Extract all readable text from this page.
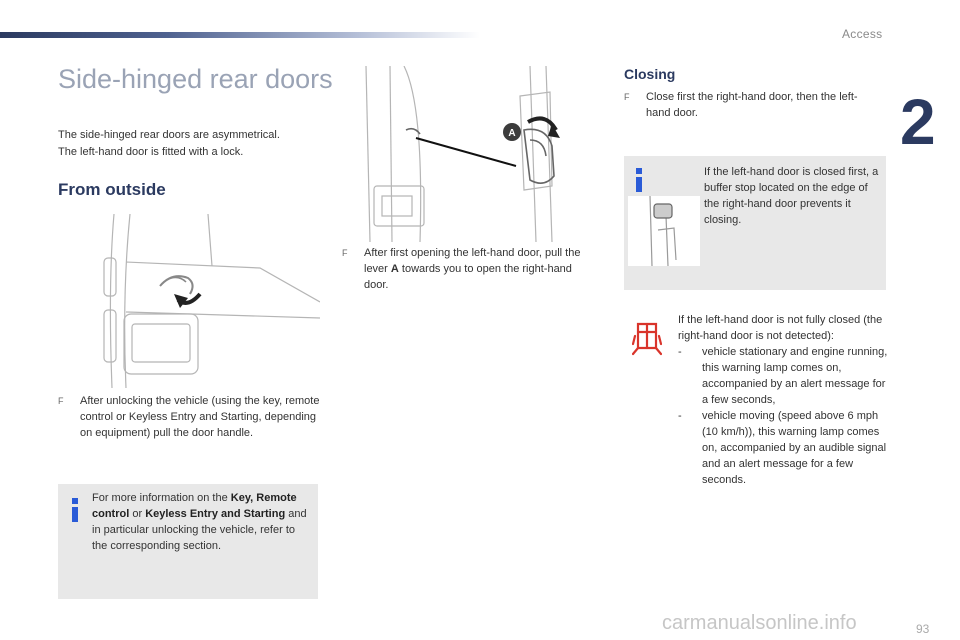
Access
2
93
carmanualsonline.info
Side-hinged rear doors

The side-hinged rear doors are asymmetrical.

The left-hand door is fitted with a lock.

From outside
F	After unlocking the vehicle (using the key, remote control or Keyless Entry and Starting, depending on equipment) pull the door handle.
For more information on the Key, Remote control or Keyless Entry and Starting and in particular unlocking the vehicle, refer to the corresponding section.
A
F	After first opening the left-hand door, pull the lever A towards you to open the right-hand door.
Closing
F	Close first the right-hand door, then the left-hand door.
If the left-hand door is closed first, a buffer stop located on the edge of the right-hand door prevents it closing.

If the left-hand door is not fully closed (the right-hand door is not detected):

- vehicle stationary and engine running, this warning lamp comes on, accompanied by an alert message for a few seconds,
- vehicle moving (speed above 6 mph (10 km/h)), this warning lamp comes on, accompanied by an audible signal and an alert message for a few seconds.
